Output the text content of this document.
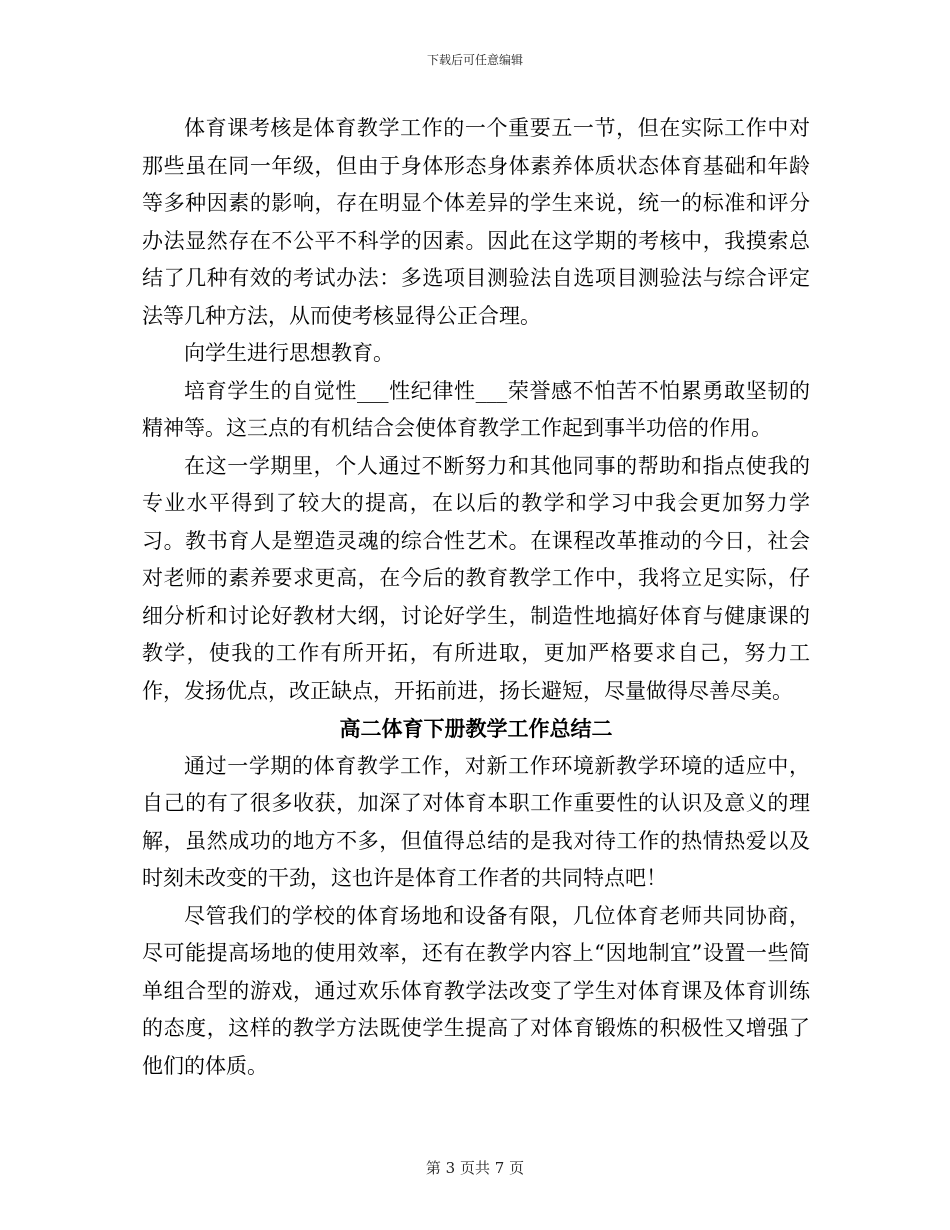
下载后可任意编辑

体育课考核是体育教学工作的一个重要五一节，但在实际工作中对那些虽在同一年级，但由于身体形态身体素养体质状态体育基础和年龄等多种因素的影响，存在明显个体差异的学生来说，统一的标准和评分办法显然存在不公平不科学的因素。因此在这学期的考核中，我摸索总结了几种有效的考试办法：多选项目测验法自选项目测验法与综合评定法等几种方法，从而使考核显得公正合理。

向学生进行思想教育。

培育学生的自觉性___性纪律性___荣誉感不怕苦不怕累勇敢坚韧的精神等。这三点的有机结合会使体育教学工作起到事半功倍的作用。

在这一学期里，个人通过不断努力和其他同事的帮助和指点使我的专业水平得到了较大的提高，在以后的教学和学习中我会更加努力学习。教书育人是塑造灵魂的综合性艺术。在课程改革推动的今日，社会对老师的素养要求更高，在今后的教育教学工作中，我将立足实际，仔细分析和讨论好教材大纲，讨论好学生，制造性地搞好体育与健康课的教学，使我的工作有所开拓，有所进取，更加严格要求自己，努力工作，发扬优点，改正缺点，开拓前进，扬长避短，尽量做得尽善尽美。

高二体育下册教学工作总结二

通过一学期的体育教学工作，对新工作环境新教学环境的适应中，自己的有了很多收获，加深了对体育本职工作重要性的认识及意义的理解，虽然成功的地方不多，但值得总结的是我对待工作的热情热爱以及时刻未改变的干劲，这也许是体育工作者的共同特点吧！

尽管我们的学校的体育场地和设备有限，几位体育老师共同协商，尽可能提高场地的使用效率，还有在教学内容上“因地制宜”设置一些简单组合型的游戏，通过欢乐体育教学法改变了学生对体育课及体育训练的态度，这样的教学方法既使学生提高了对体育锻炼的积极性又增强了他们的体质。

第 3 页共 7 页
